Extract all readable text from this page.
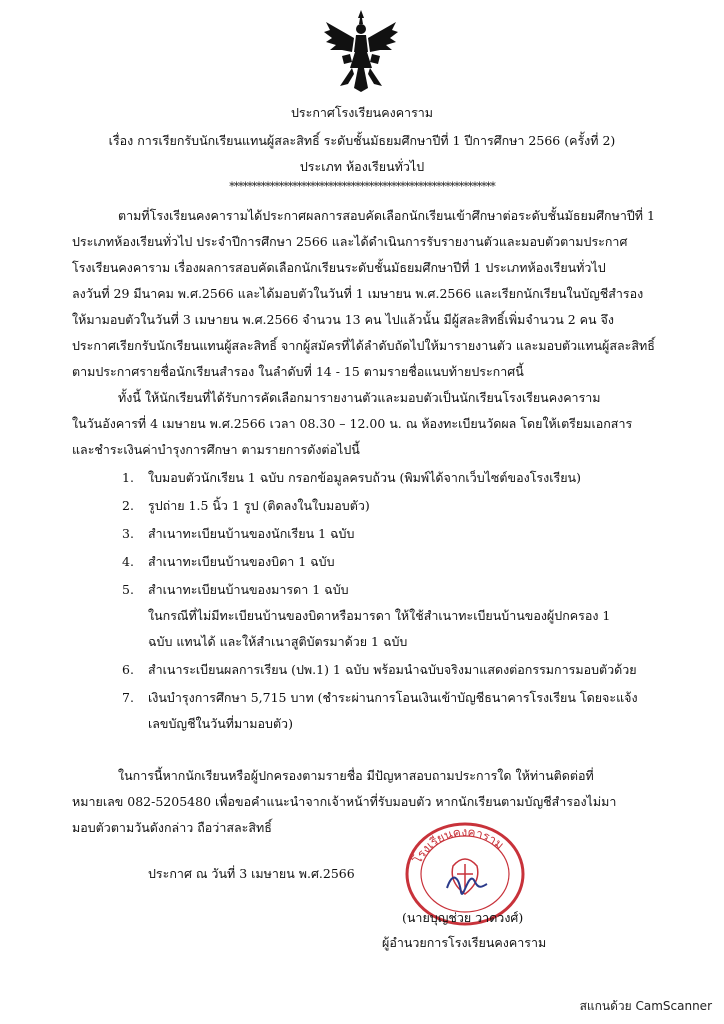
ประกาศโรงเรียนคงคาราม
เรื่อง การเรียกรับนักเรียนแทนผู้สละสิทธิ์ ระดับชั้นมัธยมศึกษาปีที่ 1 ปีการศึกษา 2566 (ครั้งที่ 2)
ประเภท ห้องเรียนทั่วไป
***********************************************************
ตามที่โรงเรียนคงคารามได้ประกาศผลการสอบคัดเลือกนักเรียนเข้าศึกษาต่อระดับชั้นมัธยมศึกษาปีที่ 1
ประเภทห้องเรียนทั่วไป ประจำปีการศึกษา 2566 และได้ดำเนินการรับรายงานตัวและมอบตัวตามประกาศ
โรงเรียนคงคาราม เรื่องผลการสอบคัดเลือกนักเรียนระดับชั้นมัธยมศึกษาปีที่ 1 ประเภทห้องเรียนทั่วไป
ลงวันที่ 29 มีนาคม พ.ศ.2566 และได้มอบตัวในวันที่ 1 เมษายน พ.ศ.2566 และเรียกนักเรียนในบัญชีสำรอง
ให้มามอบตัวในวันที่ 3 เมษายน พ.ศ.2566 จำนวน 13 คน ไปแล้วนั้น มีผู้สละสิทธิ์เพิ่มจำนวน 2 คน จึง
ประกาศเรียกรับนักเรียนแทนผู้สละสิทธิ์ จากผู้สมัครที่ได้ลำดับถัดไปให้มารายงานตัว และมอบตัวแทนผู้สละสิทธิ์
ตามประกาศรายชื่อนักเรียนสำรอง ในลำดับที่ 14 - 15 ตามรายชื่อแนบท้ายประกาศนี้
ทั้งนี้ ให้นักเรียนที่ได้รับการคัดเลือกมารายงานตัวและมอบตัวเป็นนักเรียนโรงเรียนคงคาราม
ในวันอังคารที่ 4 เมษายน พ.ศ.2566 เวลา 08.30 – 12.00 น. ณ ห้องทะเบียนวัดผล โดยให้เตรียมเอกสาร
และชำระเงินค่าบำรุงการศึกษา ตามรายการดังต่อไปนี้
1. ใบมอบตัวนักเรียน 1 ฉบับ กรอกข้อมูลครบถ้วน (พิมพ์ได้จากเว็บไซต์ของโรงเรียน)
2. รูปถ่าย 1.5 นิ้ว 1 รูป (ติดลงในใบมอบตัว)
3. สำเนาทะเบียนบ้านของนักเรียน 1 ฉบับ
4. สำเนาทะเบียนบ้านของบิดา 1 ฉบับ
5. สำเนาทะเบียนบ้านของมารดา 1 ฉบับ
ในกรณีที่ไม่มีทะเบียนบ้านของบิดาหรือมารดา ให้ใช้สำเนาทะเบียนบ้านของผู้ปกครอง 1
ฉบับ แทนได้ และให้สำเนาสูติบัตรมาด้วย 1 ฉบับ
6. สำเนาระเบียนผลการเรียน (ปพ.1) 1 ฉบับ พร้อมนำฉบับจริงมาแสดงต่อกรรมการมอบตัวด้วย
7. เงินบำรุงการศึกษา 5,715 บาท (ชำระผ่านการโอนเงินเข้าบัญชีธนาคารโรงเรียน โดยจะแจ้ง
เลขบัญชีในวันที่มามอบตัว)
ในการนี้หากนักเรียนหรือผู้ปกครองตามรายชื่อ มีปัญหาสอบถามประการใด ให้ท่านติดต่อที่
หมายเลข 082-5205480 เพื่อขอคำแนะนำจากเจ้าหน้าที่รับมอบตัว หากนักเรียนตามบัญชีสำรองไม่มา
มอบตัวตามวันดังกล่าว ถือว่าสละสิทธิ์
ประกาศ ณ วันที่ 3 เมษายน พ.ศ.2566
โรงเรียนคงคาราม
(นายบุญช่วย วาดวงศ์)
ผู้อำนวยการโรงเรียนคงคาราม
สแกนด้วย CamScanner
